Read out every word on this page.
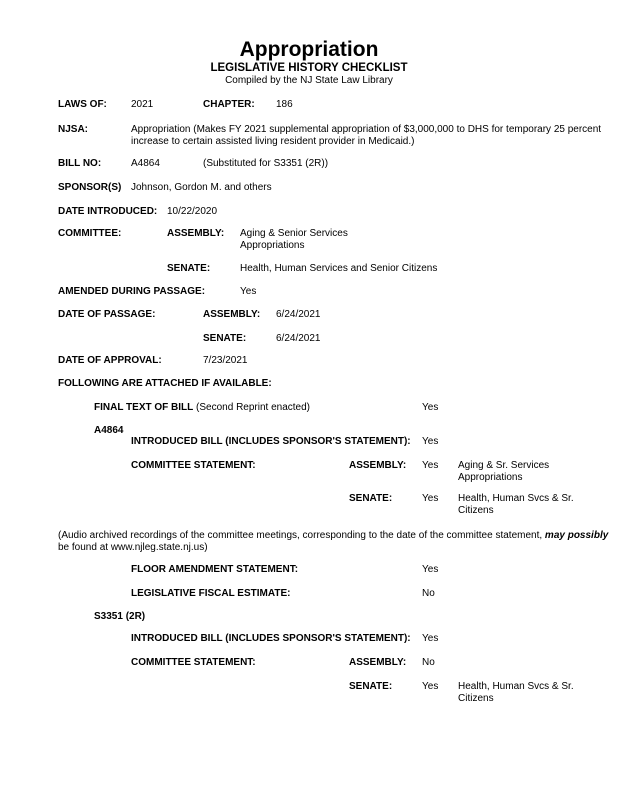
Appropriation
LEGISLATIVE HISTORY CHECKLIST
Compiled by the NJ State Law Library
LAWS OF: 2021	CHAPTER: 186
NJSA:	Appropriation (Makes FY 2021 supplemental appropriation of $3,000,000 to DHS for temporary 25 percent
increase to certain assisted living resident provider in Medicaid.)
BILL NO:	A4864	(Substituted for S3351 (2R))
SPONSOR(S) Johnson, Gordon M. and others
DATE INTRODUCED: 10/22/2020
COMMITTEE:	ASSEMBLY: Aging & Senior Services
Appropriations
SENATE:	Health, Human Services and Senior Citizens
AMENDED DURING PASSAGE:	Yes
DATE OF PASSAGE:	ASSEMBLY: 6/24/2021
SENATE:	6/24/2021
DATE OF APPROVAL:	7/23/2021
FOLLOWING ARE ATTACHED IF AVAILABLE:
FINAL TEXT OF BILL (Second Reprint enacted)	Yes
A4864
INTRODUCED BILL (INCLUDES SPONSOR'S STATEMENT): Yes
COMMITTEE STATEMENT:	ASSEMBLY: Yes Aging & Sr. Services
Appropriations
SENATE:	Yes Health, Human Svcs & Sr.
Citizens
(Audio archived recordings of the committee meetings, corresponding to the date of the committee statement, may possibly
be found at www.njleg.state.nj.us)
FLOOR AMENDMENT STATEMENT:	Yes
LEGISLATIVE FISCAL ESTIMATE:	No
S3351 (2R)
INTRODUCED BILL (INCLUDES SPONSOR'S STATEMENT): Yes
COMMITTEE STATEMENT:	ASSEMBLY: No
SENATE:	Yes Health, Human Svcs & Sr.
Citizens
